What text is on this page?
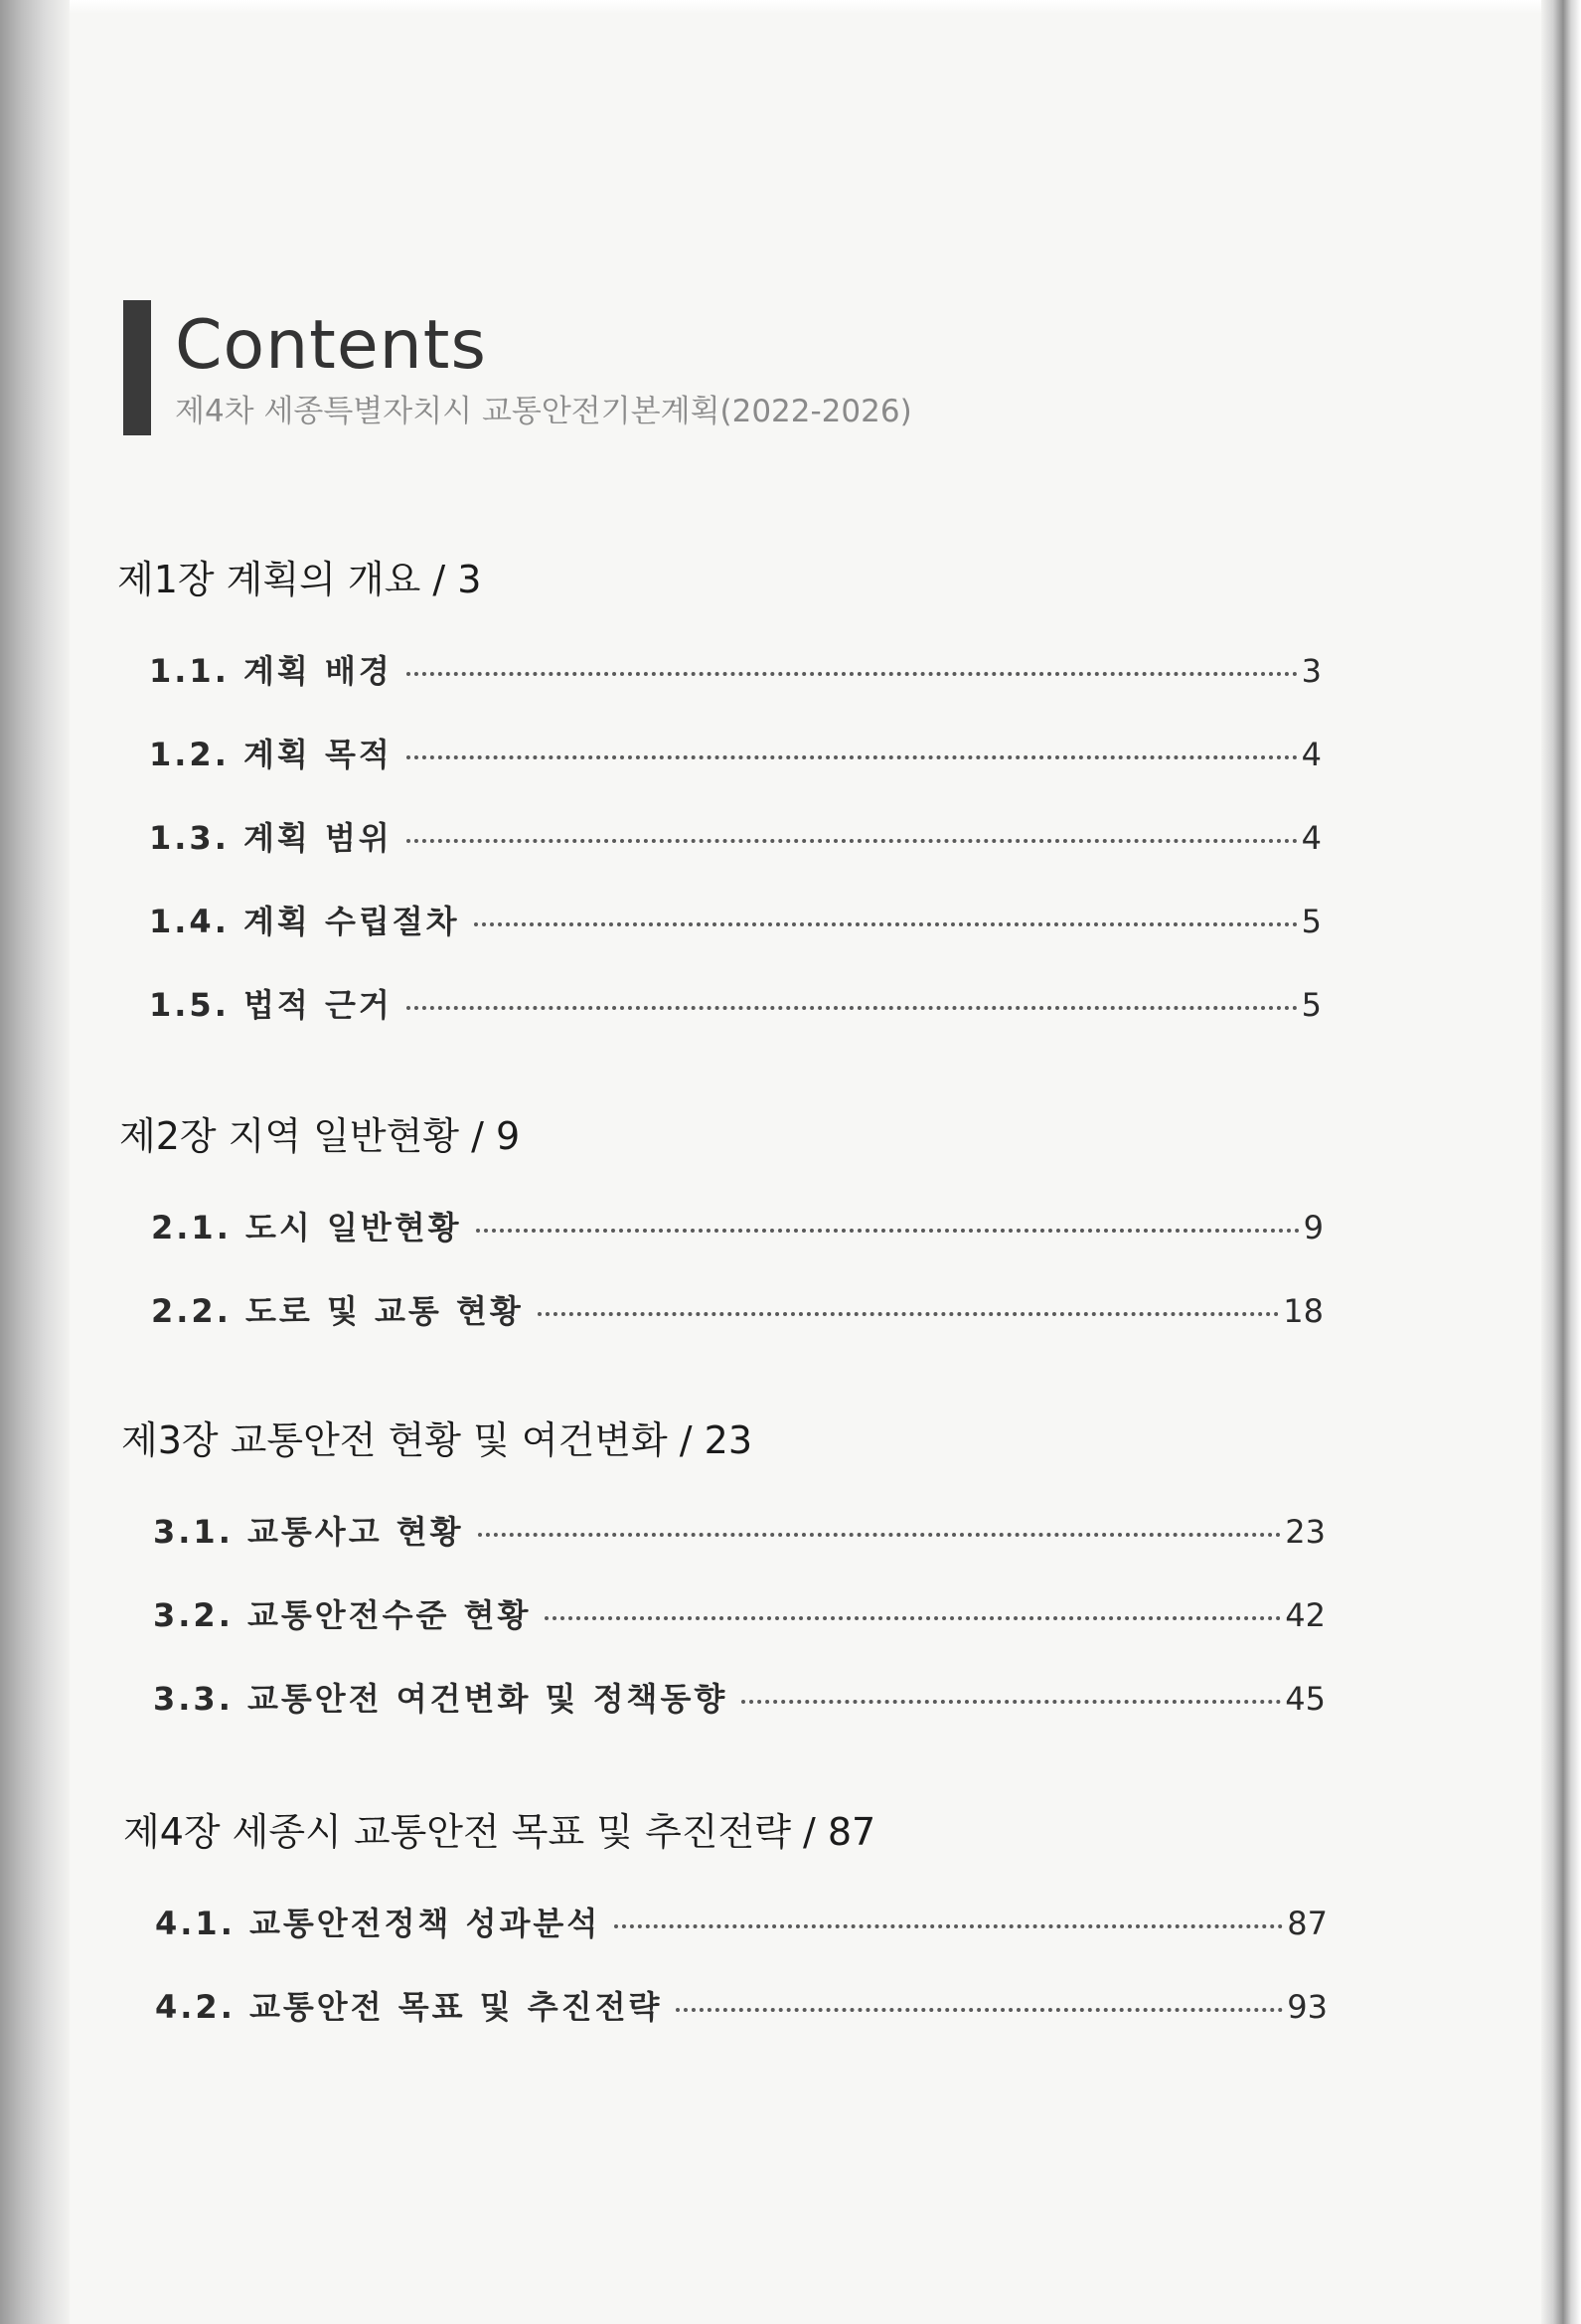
Contents
제4차 세종특별자치시 교통안전기본계획(2022-2026)
제1장 계획의 개요 / 3
1.1. 계획 배경	3
1.2. 계획 목적	4
1.3. 계획 범위	4
1.4. 계획 수립절차	5
1.5. 법적 근거	5
제2장 지역 일반현황 / 9
2.1. 도시 일반현황	9
2.2. 도로 및 교통 현황	18
제3장 교통안전 현황 및 여건변화 / 23
3.1. 교통사고 현황	23
3.2. 교통안전수준 현황	42
3.3. 교통안전 여건변화 및 정책동향	45
제4장 세종시 교통안전 목표 및 추진전략 / 87
4.1. 교통안전정책 성과분석	87
4.2. 교통안전 목표 및 추진전략	93
